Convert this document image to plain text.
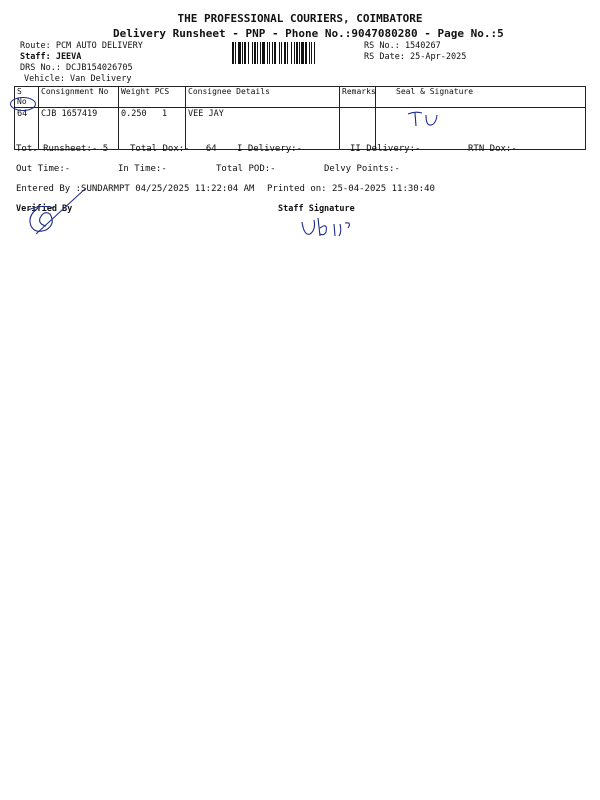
THE PROFESSIONAL COURIERS, COIMBATORE
Delivery Runsheet - PNP - Phone No.:9047080280 - Page No.:5
Route: PCM AUTO DELIVERY
Staff: JEEVA
DRS No.: DCJB154026705
Vehicle: Van Delivery
RS No.: 1540267
RS Date: 25-Apr-2025
S No	Consignment No	Weight PCS	Consignee Details	Remarks	Seal & Signature
64	CJB 1657419	0.250   1	VEE JAY		
Tot. Runsheet:- 5 Total Dox:-   64 I Delivery:-	II Delivery:-	RTN Dox:-
Out Time:-	In Time:-	Total POD:-	Delvy Points:-
Entered By :SUNDARMPT 04/25/2025 11:22:04 AM Printed on: 25-04-2025 11:30:40
Verified By	Staff Signature
